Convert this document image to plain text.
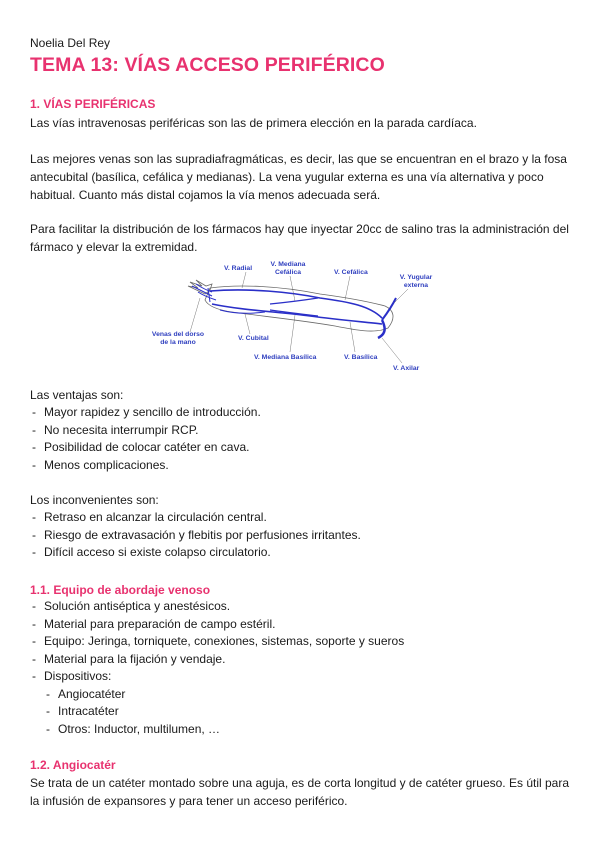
Noelia Del Rey
TEMA 13: VÍAS ACCESO PERIFÉRICO
1. VÍAS PERIFÉRICAS

Las vías intravenosas periféricas son las de primera elección en la parada cardíaca.

Las mejores venas son las supradiafragmáticas, es decir, las que se encuentran en el brazo y la fosa antecubital (basílica, cefálica y medianas). La vena yugular externa es una vía alternativa y poco habitual. Cuanto más distal cojamos la vía menos adecuada será.

Para facilitar la distribución de los fármacos hay que inyectar 20cc de salino tras la administración del fármaco y elevar la extremidad.

V. Radial
V. Mediana
Cefálica	V. Cefálica
V. Yugular
externa
Venas del dorso
de la mano
V. Cubital
V. Mediana Basílica	V. Basílica
V. Axilar

Las ventajas son:

- Mayor rapidez y sencillo de introducción.
- No necesita interrumpir RCP.
- Posibilidad de colocar catéter en cava.
- Menos complicaciones.

Los inconvenientes son:

- Retraso en alcanzar la circulación central.
- Riesgo de extravasación y flebitis por perfusiones irritantes.
- Difícil acceso si existe colapso circulatorio.
1.1. Equipo de abordaje venoso
- Solución antiséptica y anestésicos.
- Material para preparación de campo estéril.
- Equipo: Jeringa, torniquete, conexiones, sistemas, soporte y sueros
- Material para la fijación y vendaje.
- Dispositivos:
- Angiocatéter
- Intracatéter
- Otros: Inductor, multilumen, …
1.2. Angiocatér

Se trata de un catéter montado sobre una aguja, es de corta longitud y de catéter grueso. Es útil para la infusión de expansores y para tener un acceso periférico.
